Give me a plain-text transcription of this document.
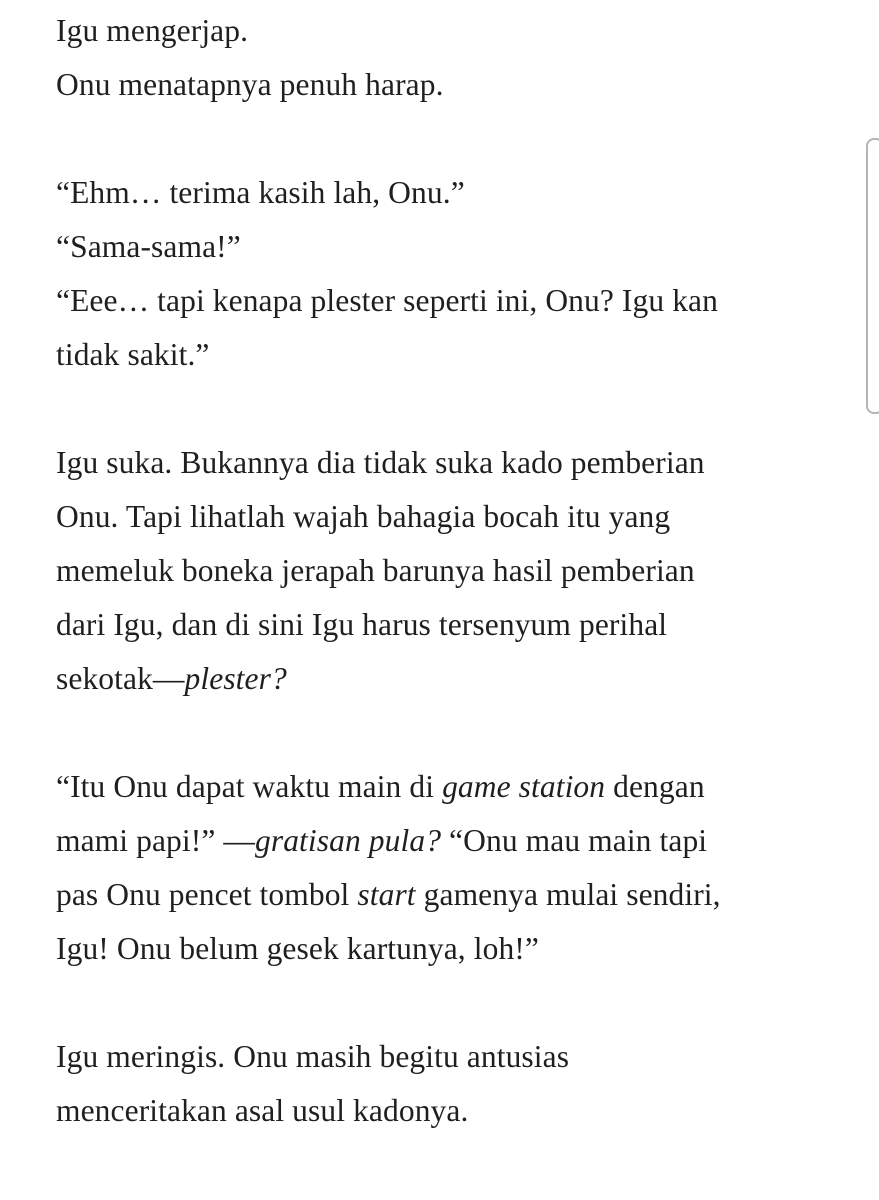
Igu mengerjap.
Onu menatapnya penuh harap.

“Ehm… terima kasih lah, Onu.”
“Sama-sama!”
“Eee… tapi kenapa plester seperti ini, Onu? Igu kan
tidak sakit.”

Igu suka. Bukannya dia tidak suka kado pemberian
Onu. Tapi lihatlah wajah bahagia bocah itu yang
memeluk boneka jerapah barunya hasil pemberian
dari Igu, dan di sini Igu harus tersenyum perihal
sekotak—plester?

“Itu Onu dapat waktu main di game station dengan
mami papi!” —gratisan pula? “Onu mau main tapi
pas Onu pencet tombol start gamenya mulai sendiri,
Igu! Onu belum gesek kartunya, loh!”

Igu meringis. Onu masih begitu antusias
menceritakan asal usul kadonya.
